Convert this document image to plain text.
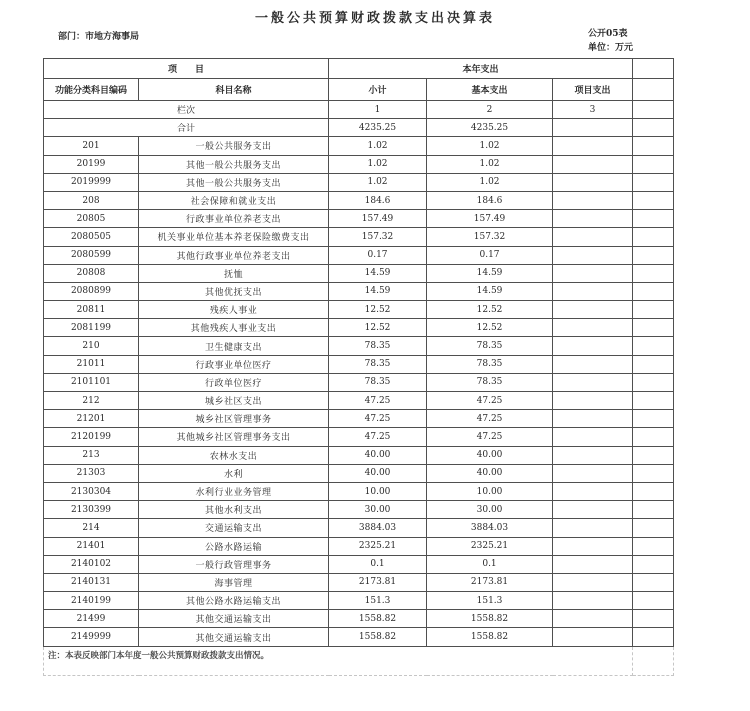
一般公共预算财政拨款支出决算表
部门：市地方海事局	公开05表
单位：万元
项　　目		本年支出			
功能分类科目编码	科目名称	小计	基本支出	项目支出	
栏次		1	2	3	
合计		4235.25	4235.25		
201	一般公共服务支出	1.02	1.02		
20199	其他一般公共服务支出	1.02	1.02		
2019999	其他一般公共服务支出	1.02	1.02		
208	社会保障和就业支出	184.6	184.6		
20805	行政事业单位养老支出	157.49	157.49		
2080505	机关事业单位基本养老保险缴费支出	157.32	157.32		
2080599	其他行政事业单位养老支出	0.17	0.17		
20808	抚恤	14.59	14.59		
2080899	其他优抚支出	14.59	14.59		
20811	残疾人事业	12.52	12.52		
2081199	其他残疾人事业支出	12.52	12.52		
210	卫生健康支出	78.35	78.35		
21011	行政事业单位医疗	78.35	78.35		
2101101	行政单位医疗	78.35	78.35		
212	城乡社区支出	47.25	47.25		
21201	城乡社区管理事务	47.25	47.25		
2120199	其他城乡社区管理事务支出	47.25	47.25		
213	农林水支出	40.00	40.00		
21303	水利	40.00	40.00		
2130304	水利行业业务管理	10.00	10.00		
2130399	其他水利支出	30.00	30.00		
214	交通运输支出	3884.03	3884.03		
21401	公路水路运输	2325.21	2325.21		
2140102	一般行政管理事务	0.1	0.1		
2140131	海事管理	2173.81	2173.81		
2140199	其他公路水路运输支出	151.3	151.3		
21499	其他交通运输支出	1558.82	1558.82		
2149999	其他交通运输支出	1558.82	1558.82		
注：本表反映部门本年度一般公共预算财政拨款支出情况。					
